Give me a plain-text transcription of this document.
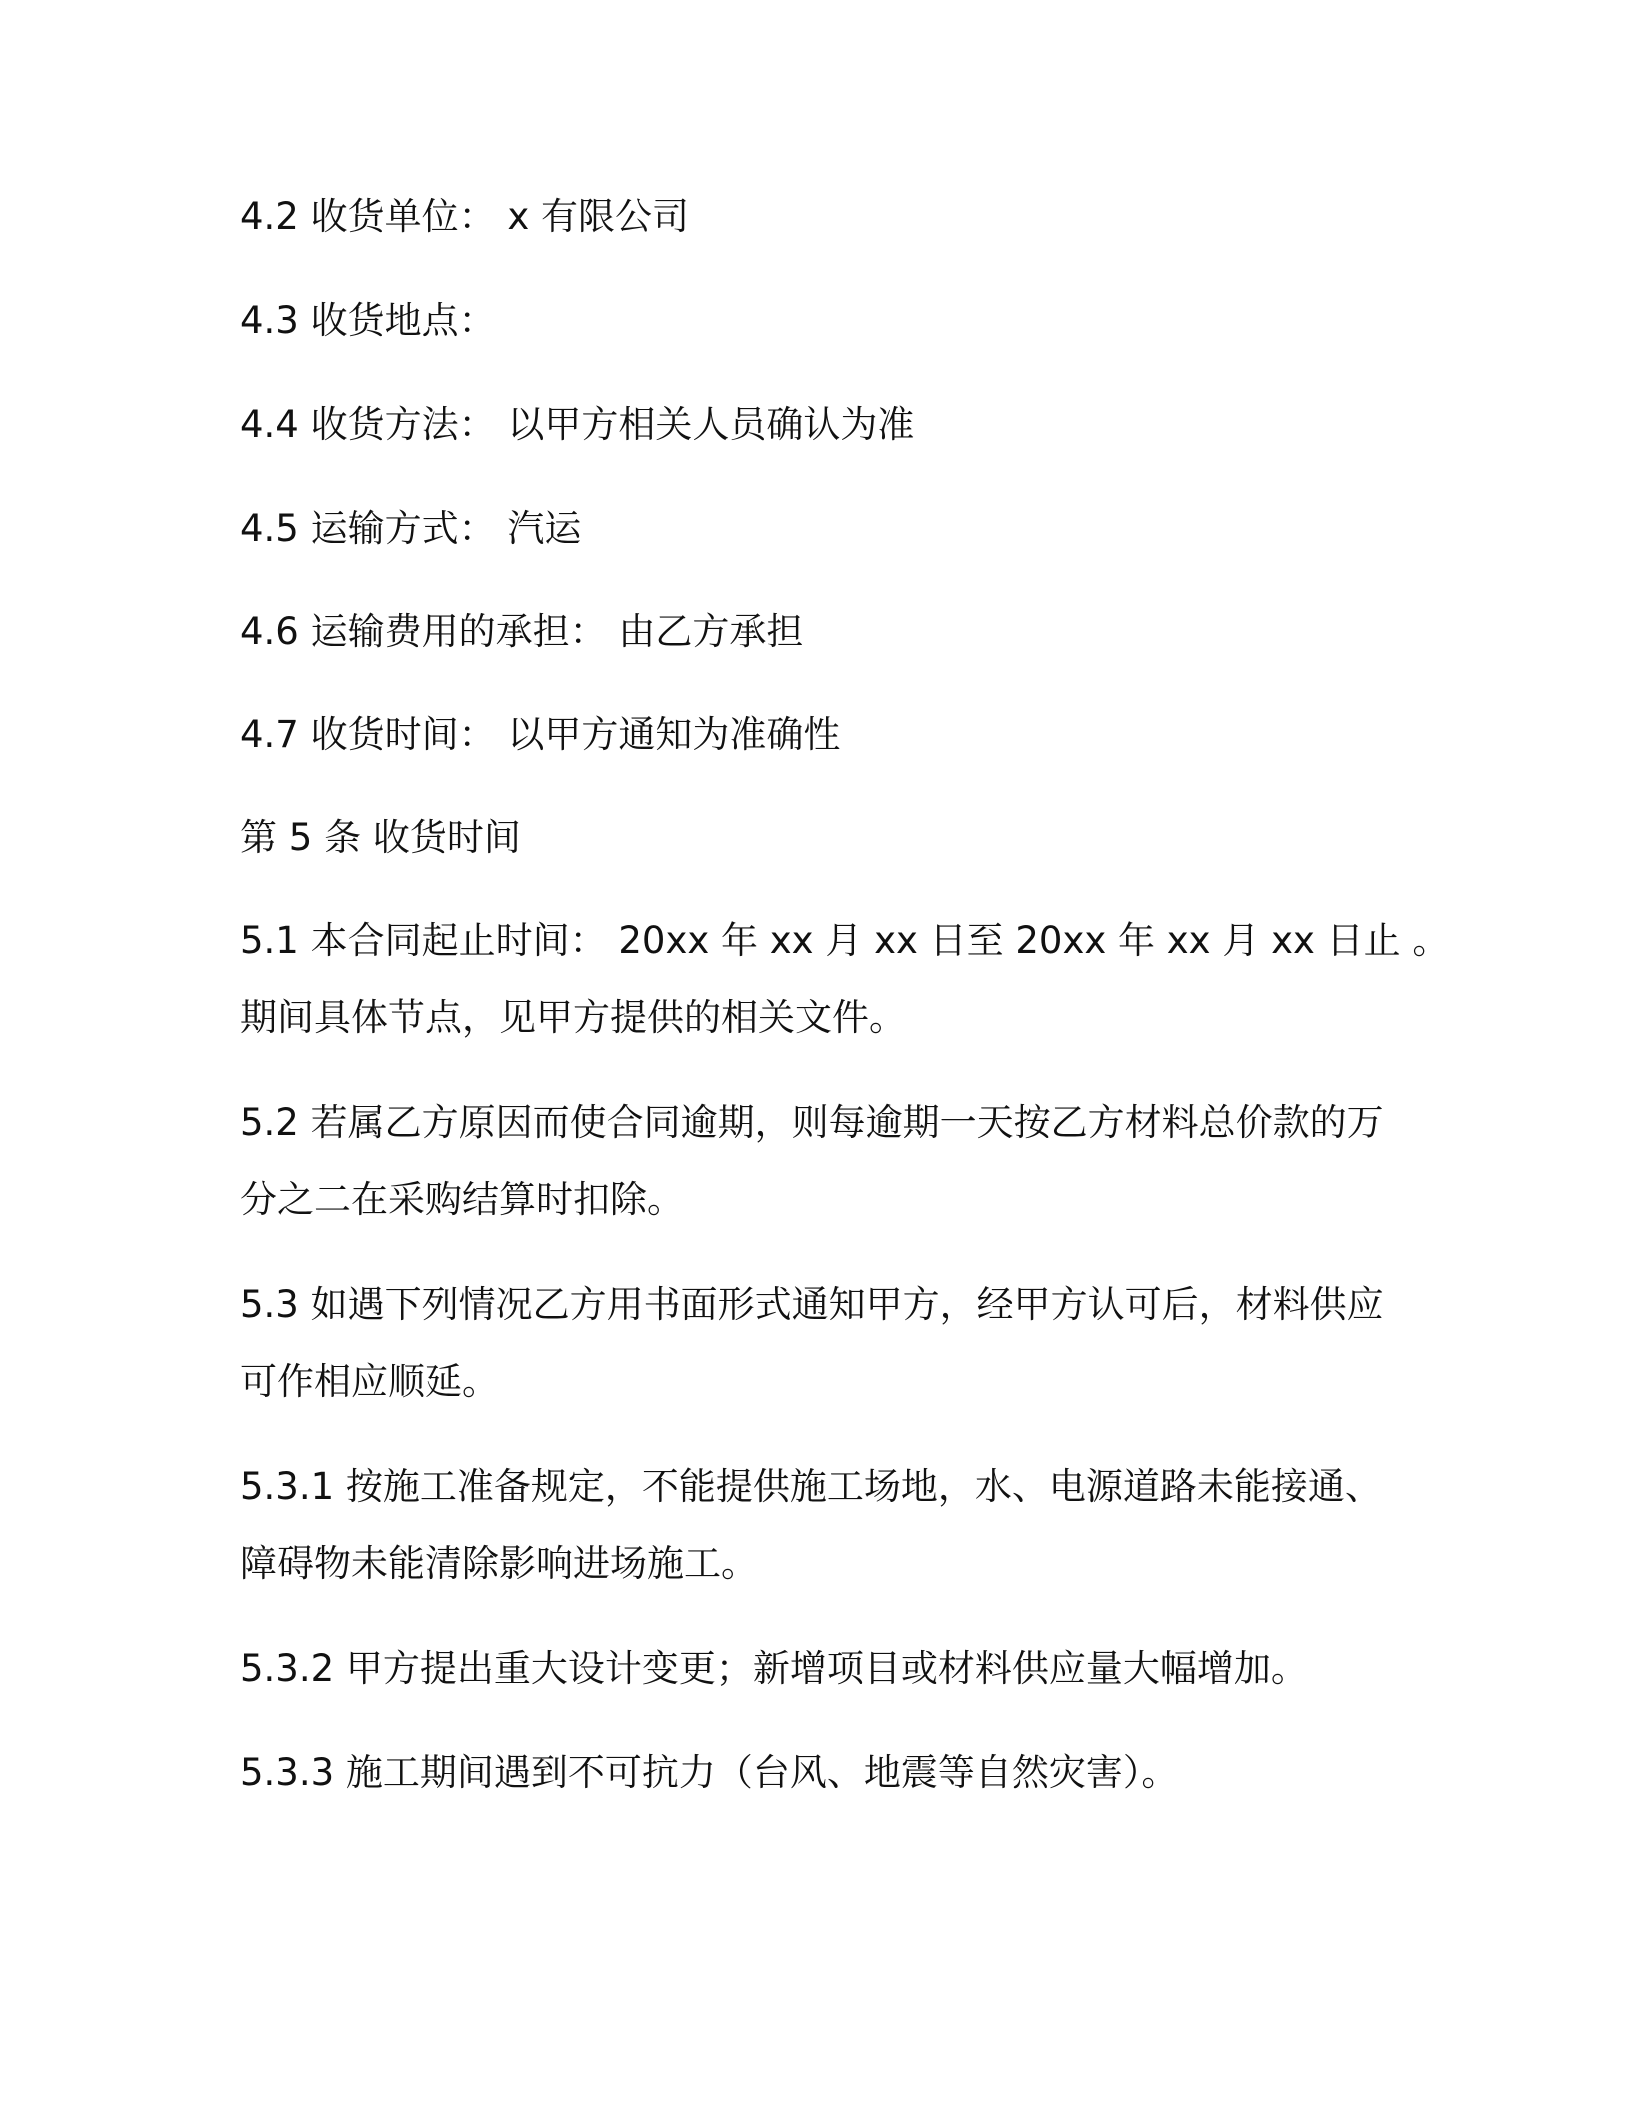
4.2 收货单位： x 有限公司

4.3 收货地点：

4.4 收货方法： 以甲方相关人员确认为准

4.5 运输方式： 汽运

4.6 运输费用的承担： 由乙方承担

4.7 收货时间： 以甲方通知为准确性

第 5 条 收货时间

5.1 本合同起止时间： 20xx 年 xx 月 xx 日至 20xx 年 xx 月 xx 日止 。

期间具体节点，见甲方提供的相关文件。

5.2 若属乙方原因而使合同逾期，则每逾期一天按乙方材料总价款的万

分之二在采购结算时扣除。

5.3 如遇下列情况乙方用书面形式通知甲方，经甲方认可后，材料供应

可作相应顺延。

5.3.1 按施工准备规定，不能提供施工场地，水、电源道路未能接通、

障碍物未能清除影响进场施工。

5.3.2 甲方提出重大设计变更；新增项目或材料供应量大幅增加。

5.3.3 施工期间遇到不可抗力（台风、地震等自然灾害）。
